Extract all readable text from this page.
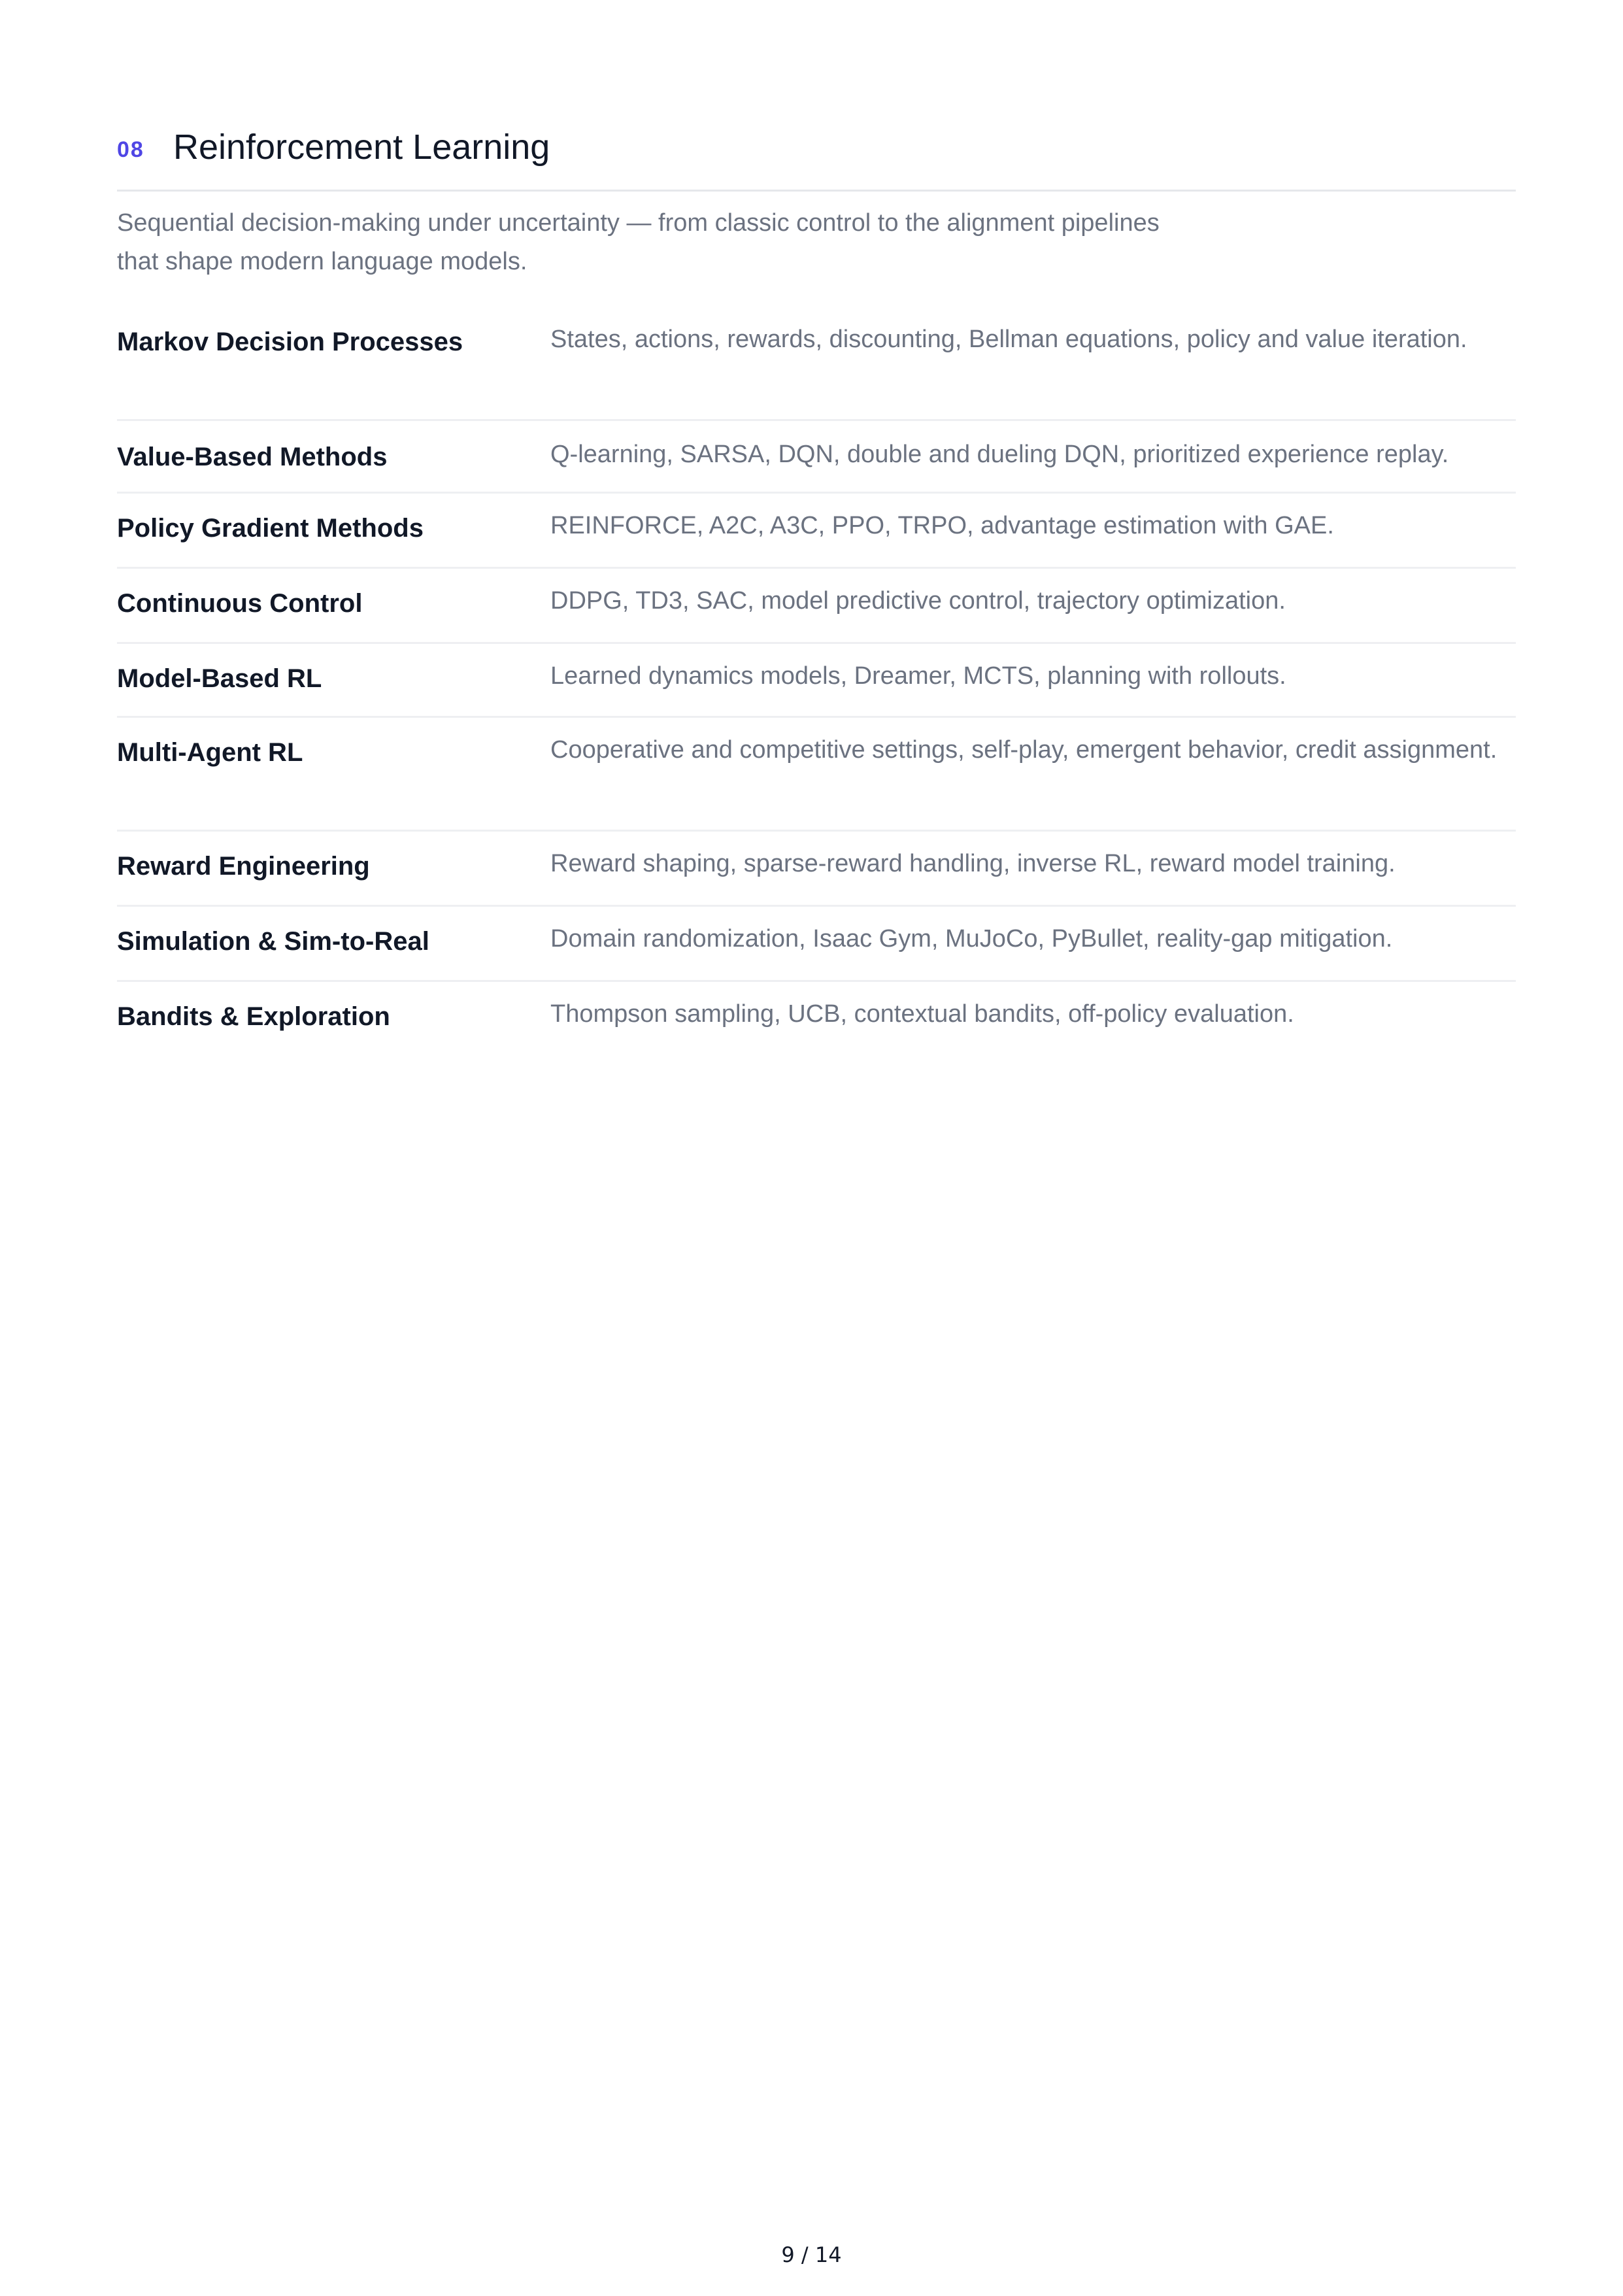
08 Reinforcement Learning

Sequential decision-making under uncertainty — from classic control to the alignment pipelines that shape modern language models.

Markov Decision Processes	States, actions, rewards, discounting, Bellman equations, policy and value iteration.
Value-Based Methods	Q-learning, SARSA, DQN, double and dueling DQN, prioritized experience replay.
Policy Gradient Methods	REINFORCE, A2C, A3C, PPO, TRPO, advantage estimation with GAE.
Continuous Control	DDPG, TD3, SAC, model predictive control, trajectory optimization.
Model-Based RL	Learned dynamics models, Dreamer, MCTS, planning with rollouts.
Multi-Agent RL	Cooperative and competitive settings, self-play, emergent behavior, credit assignment.
Reward Engineering	Reward shaping, sparse-reward handling, inverse RL, reward model training.
Simulation & Sim-to-Real	Domain randomization, Isaac Gym, MuJoCo, PyBullet, reality-gap mitigation.
Bandits & Exploration	Thompson sampling, UCB, contextual bandits, off-policy evaluation.
9 / 14
